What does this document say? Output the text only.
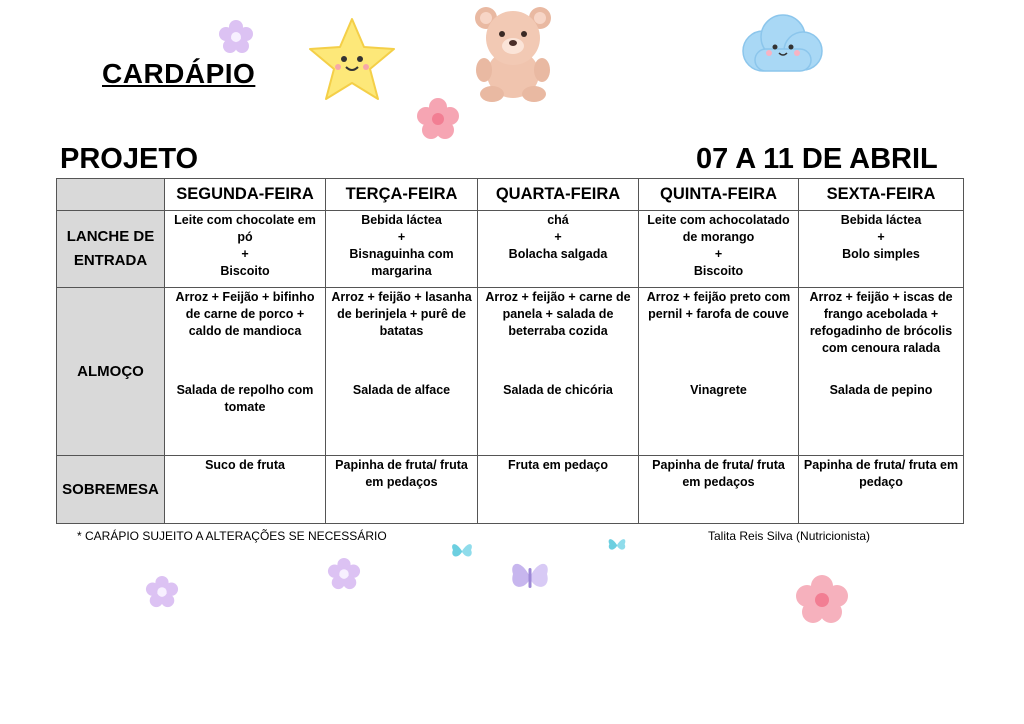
CARDÁPIO
PROJETO	07 A 11 DE ABRIL
	SEGUNDA-FEIRA	TERÇA-FEIRA	QUARTA-FEIRA	QUINTA-FEIRA	SEXTA-FEIRA

LANCHE DE
ENTRADA	Leite com chocolate em
pó
+
Biscoito	Bebida láctea
+
Bisnaguinha com
margarina	chá
+
Bolacha salgada	Leite com achocolatado
de morango
+
Biscoito	Bebida láctea
+
Bolo simples

ALMOÇO	Arroz + Feijão + bifinho
de carne de porco +
caldo de mandioca
Salada de repolho com
tomate	Arroz + feijão + lasanha
de berinjela + purê de
batatas
Salada de alface	Arroz + feijão + carne de
panela + salada de
beterraba cozida
Salada de chicória	Arroz + feijão preto com
pernil + farofa de couve
Vinagrete	Arroz + feijão + iscas de
frango acebolada +
refogadinho de brócolis
com cenoura ralada
Salada de pepino

SOBREMESA	Suco de fruta	Papinha de fruta/ fruta
em pedaços	Fruta em pedaço	Papinha de fruta/ fruta
em pedaços	Papinha de fruta/ fruta em
pedaço
* CARÁPIO SUJEITO A ALTERAÇÕES SE NECESSÁRIO	Talita Reis Silva (Nutricionista)
